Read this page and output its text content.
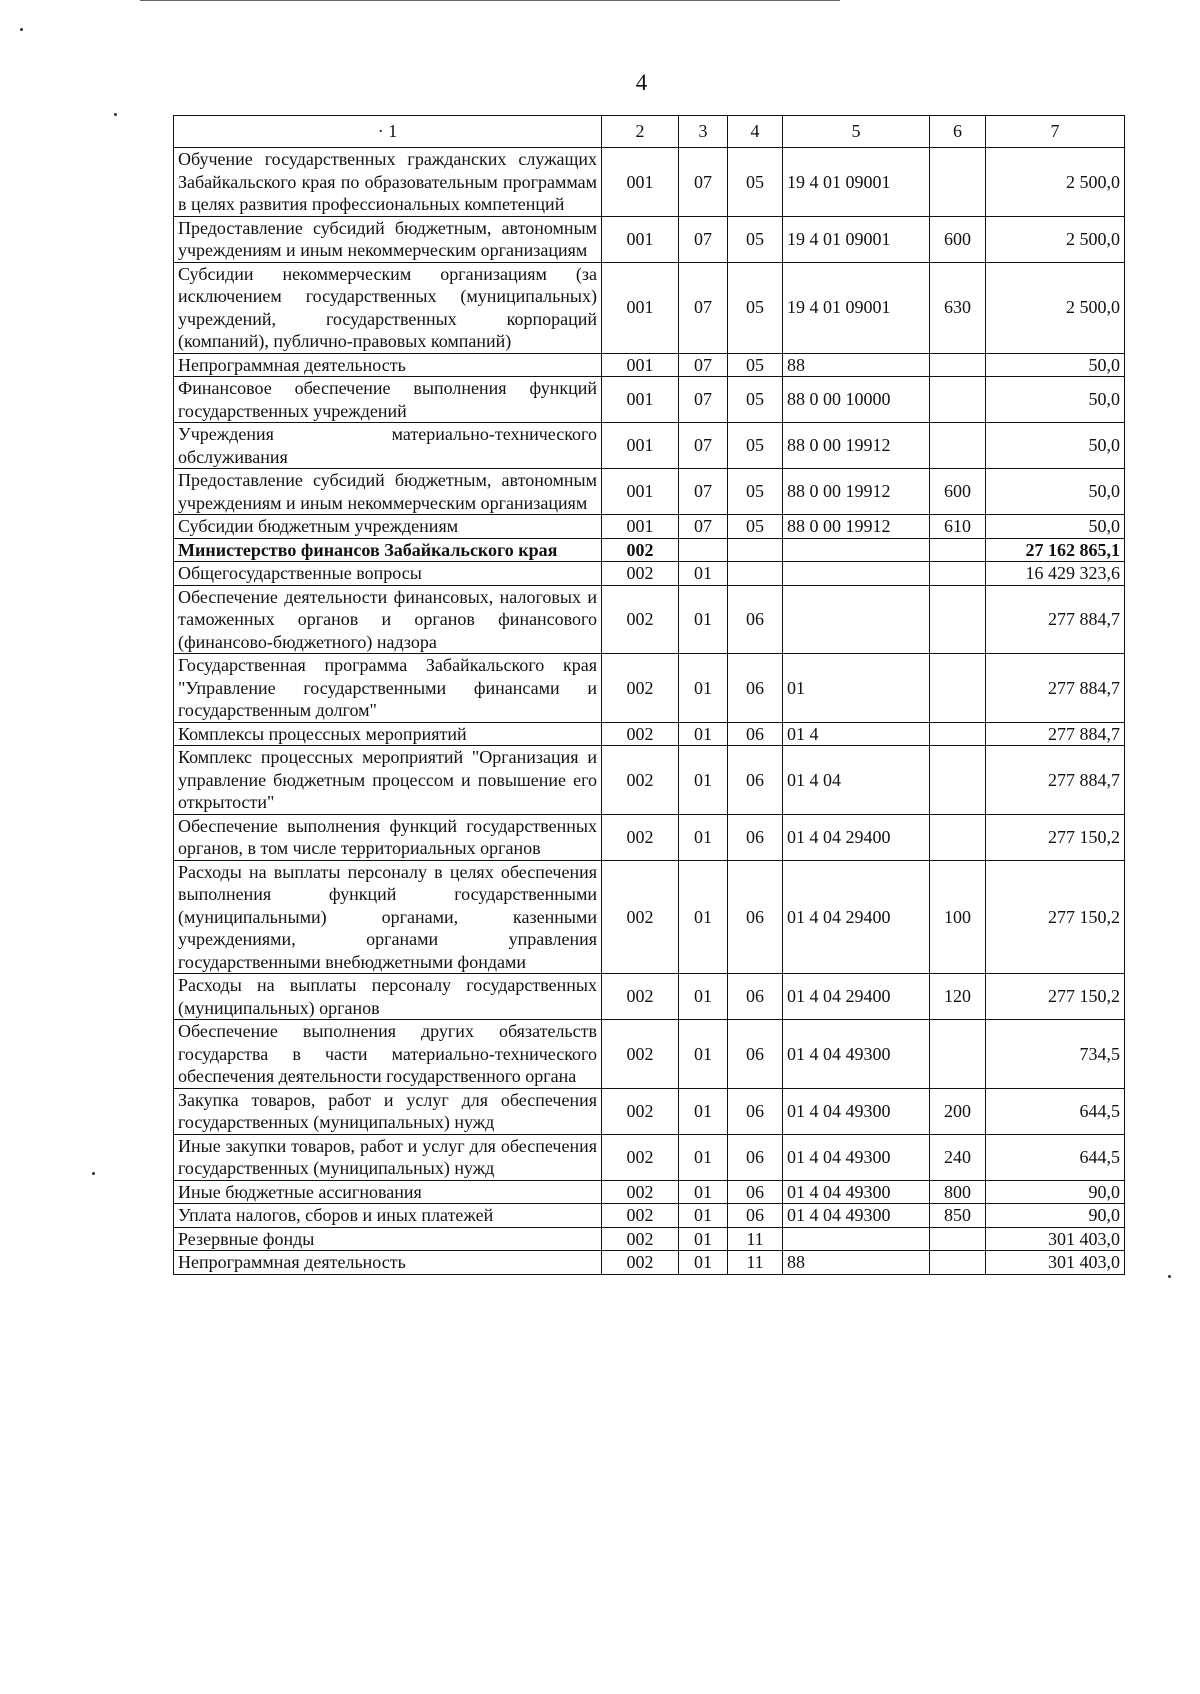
4
· 1	2	3	4	5	6	7
Обучение государственных гражданских служащих Забайкальского края по образовательным программам в целях развития профессиональных компетенций	001	07	05	19 4 01 09001		2 500,0
Предоставление субсидий бюджетным, автономным учреждениям и иным некоммерческим организациям	001	07	05	19 4 01 09001	600	2 500,0
Субсидии некоммерческим организациям (за исключением государственных (муниципальных) учреждений, государственных корпораций (компаний), публично-правовых компаний)	001	07	05	19 4 01 09001	630	2 500,0
Непрограммная деятельность	001	07	05	88		50,0
Финансовое обеспечение выполнения функций государственных учреждений	001	07	05	88 0 00 10000		50,0
Учреждения материально-технического обслуживания	001	07	05	88 0 00 19912		50,0
Предоставление субсидий бюджетным, автономным учреждениям и иным некоммерческим организациям	001	07	05	88 0 00 19912	600	50,0
Субсидии бюджетным учреждениям	001	07	05	88 0 00 19912	610	50,0
Министерство финансов Забайкальского края	002					27 162 865,1
Общегосударственные вопросы	002	01				16 429 323,6
Обеспечение деятельности финансовых, налоговых и таможенных органов и органов финансового (финансово-бюджетного) надзора	002	01	06			277 884,7
Государственная программа Забайкальского края "Управление государственными финансами и государственным долгом"	002	01	06	01		277 884,7
Комплексы процессных мероприятий	002	01	06	01 4		277 884,7
Комплекс процессных мероприятий "Организация и управление бюджетным процессом и повышение его открытости"	002	01	06	01 4 04		277 884,7
Обеспечение выполнения функций государственных органов, в том числе территориальных органов	002	01	06	01 4 04 29400		277 150,2
Расходы на выплаты персоналу в целях обеспечения выполнения функций государственными (муниципальными) органами, казенными учреждениями, органами управления государственными внебюджетными фондами	002	01	06	01 4 04 29400	100	277 150,2
Расходы на выплаты персоналу государственных (муниципальных) органов	002	01	06	01 4 04 29400	120	277 150,2
Обеспечение выполнения других обязательств государства в части материально-технического обеспечения деятельности государственного органа	002	01	06	01 4 04 49300		734,5
Закупка товаров, работ и услуг для обеспечения государственных (муниципальных) нужд	002	01	06	01 4 04 49300	200	644,5
Иные закупки товаров, работ и услуг для обеспечения государственных (муниципальных) нужд	002	01	06	01 4 04 49300	240	644,5
Иные бюджетные ассигнования	002	01	06	01 4 04 49300	800	90,0
Уплата налогов, сборов и иных платежей	002	01	06	01 4 04 49300	850	90,0
Резервные фонды	002	01	11			301 403,0
Непрограммная деятельность	002	01	11	88		301 403,0
